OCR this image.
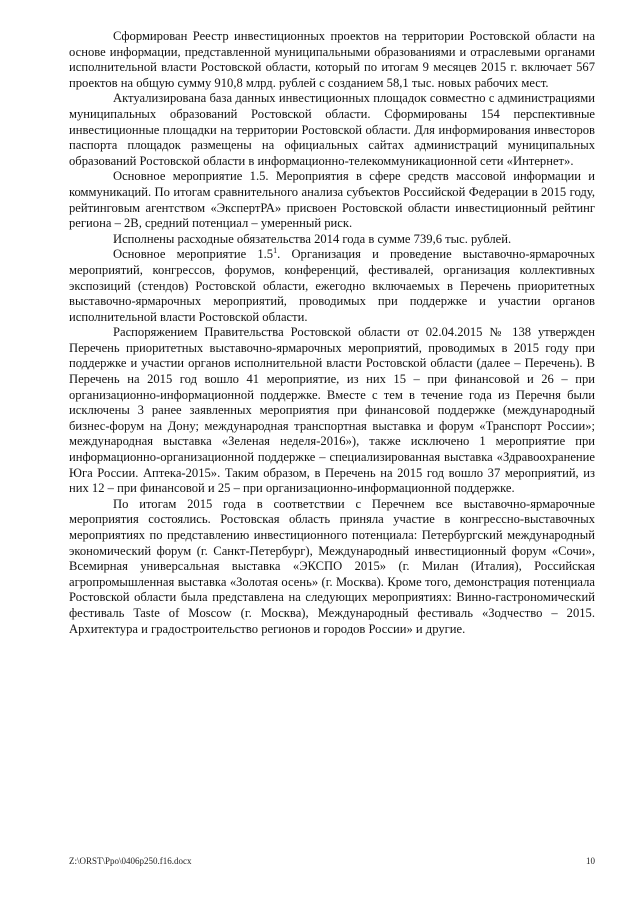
Сформирован Реестр инвестиционных проектов на территории Ростовской области на основе информации, представленной муниципальными образованиями и отраслевыми органами исполнительной власти Ростовской области, который по итогам 9 месяцев 2015 г. включает 567 проектов на общую сумму 910,8 млрд. рублей с созданием 58,1 тыс. новых рабочих мест.

Актуализирована база данных инвестиционных площадок совместно с администрациями муниципальных образований Ростовской области. Сформированы 154 перспективные инвестиционные площадки на территории Ростовской области. Для информирования инвесторов паспорта площадок размещены на официальных сайтах администраций муниципальных образований Ростовской области в информационно-телекоммуникационной сети «Интернет».

Основное мероприятие 1.5. Мероприятия в сфере средств массовой информации и коммуникаций. По итогам сравнительного анализа субъектов Российской Федерации в 2015 году, рейтинговым агентством «ЭкспертРА» присвоен Ростовской области инвестиционный рейтинг региона – 2В, средний потенциал – умеренный риск.

Исполнены расходные обязательства 2014 года в сумме 739,6 тыс. рублей.

Основное мероприятие $1.5^1$. Организация и проведение выставочно-ярмарочных мероприятий, конгрессов, форумов, конференций, фестивалей, организация коллективных экспозиций (стендов) Ростовской области, ежегодно включаемых в Перечень приоритетных выставочно-ярмарочных мероприятий, проводимых при поддержке и участии органов исполнительной власти Ростовской области.

Распоряжением Правительства Ростовской области от 02.04.2015 № 138 утвержден Перечень приоритетных выставочно-ярмарочных мероприятий, проводимых в 2015 году при поддержке и участии органов исполнительной власти Ростовской области (далее – Перечень). В Перечень на 2015 год вошло 41 мероприятие, из них 15 – при финансовой и 26 – при организационно-информационной поддержке. Вместе с тем в течение года из Перечня были исключены 3 ранее заявленных мероприятия при финансовой поддержке (международный бизнес-форум на Дону; международная транспортная выставка и форум «Транспорт России»; международная выставка «Зеленая неделя-2016»), также исключено 1 мероприятие при информационно-организационной поддержке – специализированная выставка «Здравоохранение Юга России. Аптека-2015». Таким образом, в Перечень на 2015 год вошло 37 мероприятий, из них 12 – при финансовой и 25 – при организационно-информационной поддержке.

По итогам 2015 года в соответствии с Перечнем все выставочно-ярмарочные мероприятия состоялись. Ростовская область приняла участие в конгрессно-выставочных мероприятиях по представлению инвестиционного потенциала: Петербургский международный экономический форум (г. Санкт-Петербург), Международный инвестиционный форум «Сочи», Всемирная универсальная выставка «ЭКСПО 2015» (г. Милан (Италия), Российская агропромышленная выставка «Золотая осень» (г. Москва). Кроме того, демонстрация потенциала Ростовской области была представлена на следующих мероприятиях: Винно-гастрономический фестиваль Taste of Moscow (г. Москва), Международный фестиваль «Зодчество – 2015. Архитектура и градостроительство регионов и городов России» и другие.

Z:\ORST\Ppo\0406p250.f16.docx	10
